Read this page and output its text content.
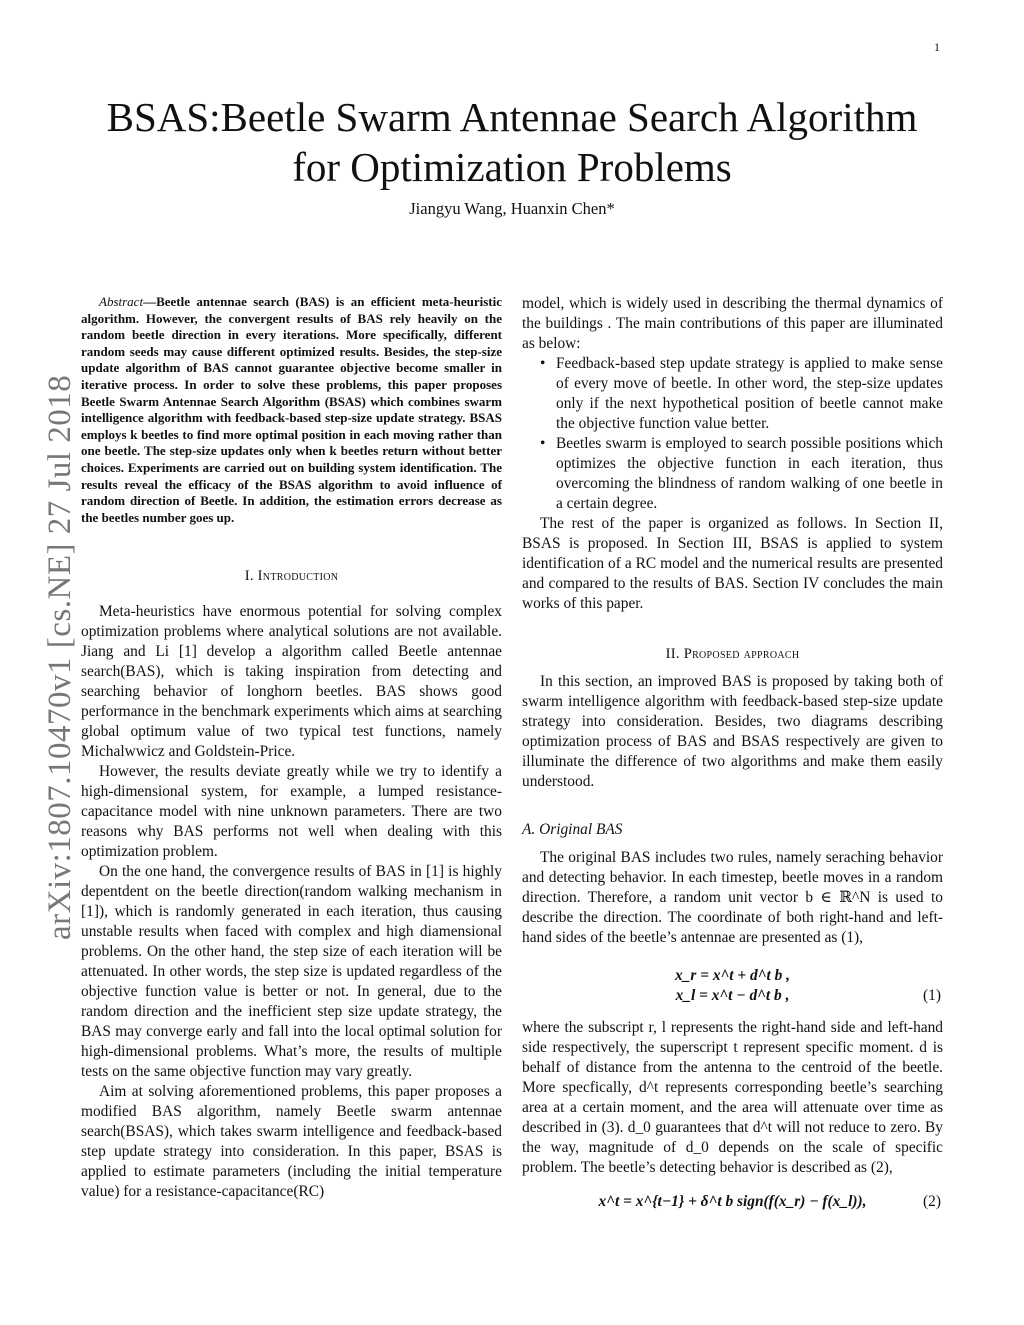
1
arXiv:1807.10470v1 [cs.NE] 27 Jul 2018
BSAS:Beetle Swarm Antennae Search Algorithm for Optimization Problems
Jiangyu Wang, Huanxin Chen*

Abstract—Beetle antennae search (BAS) is an efficient meta-heuristic algorithm. However, the convergent results of BAS rely heavily on the random beetle direction in every iterations. More specifically, different random seeds may cause different optimized results. Besides, the step-size update algorithm of BAS cannot guarantee objective become smaller in iterative process. In order to solve these problems, this paper proposes Beetle Swarm Antennae Search Algorithm (BSAS) which combines swarm intelligence algorithm with feedback-based step-size update strategy. BSAS employs k beetles to find more optimal position in each moving rather than one beetle. The step-size updates only when k beetles return without better choices. Experiments are carried out on building system identification. The results reveal the efficacy of the BSAS algorithm to avoid influence of random direction of Beetle. In addition, the estimation errors decrease as the beetles number goes up.

I. Introduction

Meta-heuristics have enormous potential for solving complex optimization problems where analytical solutions are not available. Jiang and Li [1] develop a algorithm called Beetle antennae search(BAS), which is taking inspiration from detecting and searching behavior of longhorn beetles. BAS shows good performance in the benchmark experiments which aims at searching global optimum value of two typical test functions, namely Michalwwicz and Goldstein-Price.

However, the results deviate greatly while we try to identify a high-dimensional system, for example, a lumped resistance-capacitance model with nine unknown parameters. There are two reasons why BAS performs not well when dealing with this optimization problem.

On the one hand, the convergence results of BAS in [1] is highly depentdent on the beetle direction(random walking mechanism in [1]), which is randomly generated in each iteration, thus causing unstable results when faced with complex and high diamensional problems. On the other hand, the step size of each iteration will be attenuated. In other words, the step size is updated regardless of the objective function value is better or not. In general, due to the random direction and the inefficient step size update strategy, the BAS may converge early and fall into the local optimal solution for high-dimensional problems. What’s more, the results of multiple tests on the same objective function may vary greatly.

Aim at solving aforementioned problems, this paper proposes a modified BAS algorithm, namely Beetle swarm antennae search(BSAS), which takes swarm intelligence and feedback-based step update strategy into consideration. In this paper, BSAS is applied to estimate parameters (including the initial temperature value) for a resistance-capacitance(RC)

model, which is widely used in describing the thermal dynamics of the buildings . The main contributions of this paper are illuminated as below:

• Feedback-based step update strategy is applied to make sense of every move of beetle. In other word, the step-size updates only if the next hypothetical position of beetle cannot make the objective function value better.
• Beetles swarm is employed to search possible positions which optimizes the objective function in each iteration, thus overcoming the blindness of random walking of one beetle in a certain degree.

The rest of the paper is organized as follows. In Section II, BSAS is proposed. In Section III, BSAS is applied to system identification of a RC model and the numerical results are presented and compared to the results of BAS. Section IV concludes the main works of this paper.

II. Proposed approach

In this section, an improved BAS is proposed by taking both of swarm intelligence algorithm with feedback-based step-size update strategy into consideration. Besides, two diagrams describing optimization process of BAS and BSAS respectively are given to illuminate the difference of two algorithms and make them easily understood.

A. Original BAS

The original BAS includes two rules, namely seraching behavior and detecting behavior. In each timestep, beetle moves in a random direction. Therefore, a random unit vector b ∈ ℝ^N is used to describe the direction. The coordinate of both right-hand and left-hand sides of the beetle’s antennae are presented as (1),

x_r = x^t + d^t b ,
x_l = x^t − d^t b ,	(1)

where the subscript r, l represents the right-hand side and left-hand side respectively, the superscript t represent specific moment. d is behalf of distance from the antenna to the centroid of the beetle. More specfically, d^t represents corresponding beetle’s searching area at a certain moment, and the area will attenuate over time as described in (3). d_0 guarantees that d^t will not reduce to zero. By the way, magnitude of d_0 depends on the scale of specific problem. The beetle’s detecting behavior is described as (2),

x^t = x^{t−1} + δ^t b sign(f(x_r) − f(x_l)),	(2)
